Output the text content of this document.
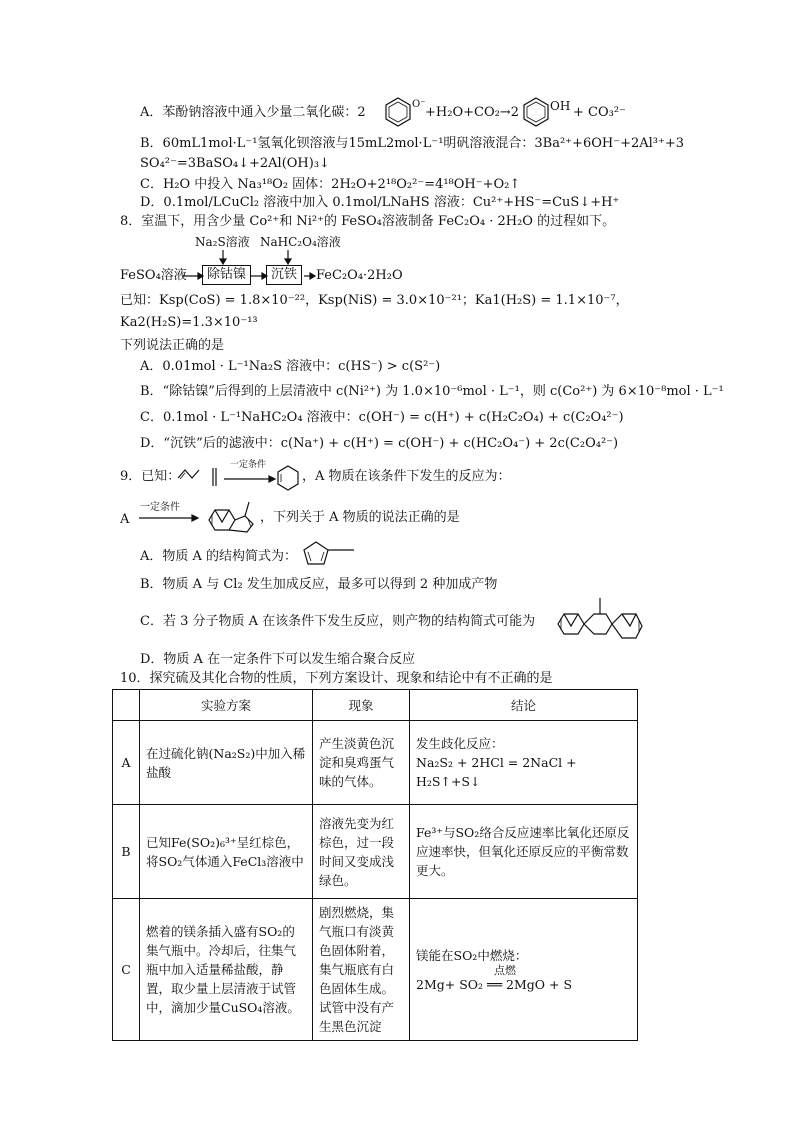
A．苯酚钠溶液中通入少量二氧化碳：2
O⁻
+H₂O+CO₂→2	OH + CO₃²⁻
B．60mL1mol·L⁻¹氢氧化钡溶液与15mL2mol·L⁻¹明矾溶液混合：3Ba²⁺+6OH⁻+2Al³⁺+3
SO₄²⁻=3BaSO₄↓+2Al(OH)₃↓
C．H₂O 中投入 Na₃¹⁸O₂ 固体：2H₂O+2¹⁸O₂²⁻=4¹⁸OH⁻+O₂↑
D．0.1mol/LCuCl₂ 溶液中加入 0.1mol/LNaHS 溶液：Cu²⁺+HS⁻=CuS↓+H⁺
8．室温下，用含少量 Co²⁺和 Ni²⁺的 FeSO₄溶液制备 FeC₂O₄ · 2H₂O 的过程如下。
Na₂S溶液 NaHC₂O₄溶液
FeSO₄溶液	除钴镍	沉铁	FeC₂O₄·2H₂O
已知：Ksp(CoS) = 1.8×10⁻²²，Ksp(NiS) = 3.0×10⁻²¹；Ka1(H₂S) = 1.1×10⁻⁷，
Ka2(H₂S)=1.3×10⁻¹³
下列说法正确的是
A．0.01mol · L⁻¹Na₂S 溶液中：c(HS⁻) > c(S²⁻)
B．“除钴镍”后得到的上层清液中 c(Ni²⁺) 为 1.0×10⁻⁶mol · L⁻¹，则 c(Co²⁺) 为 6×10⁻⁸mol · L⁻¹
C．0.1mol · L⁻¹NaHC₂O₄ 溶液中：c(OH⁻) = c(H⁺) + c(H₂C₂O₄) + c(C₂O₄²⁻)
D．“沉铁”后的滤液中：c(Na⁺) + c(H⁺) = c(OH⁻) + c(HC₂O₄⁻) + 2c(C₂O₄²⁻)
9．已知：
一定条件
，A 物质在该条件下发生的反应为：
A
一定条件
，下列关于 A 物质的说法正确的是
A．物质 A 的结构简式为：
B．物质 A 与 Cl₂ 发生加成反应，最多可以得到 2 种加成产物
C．若 3 分子物质 A 在该条件下发生反应，则产物的结构简式可能为
D．物质 A 在一定条件下可以发生缩合聚合反应
10．探究硫及其化合物的性质，下列方案设计、现象和结论中有不正确的是
	实验方案	现象	结论
A	在过硫化钠(Na₂S₂)中加入稀盐酸	产生淡黄色沉淀和臭鸡蛋气味的气体。	发生歧化反应：
Na₂S₂ + 2HCl = 2NaCl + H₂S↑+S↓

B	已知Fe(SO₂)₆³⁺呈红棕色，将SO₂气体通入FeCl₃溶液中	溶液先变为红棕色，过一段时间又变成浅绿色。	Fe³⁺与SO₂络合反应速率比氧化还原反应速率快，但氧化还原反应的平衡常数更大。
C	燃着的镁条插入盛有SO₂的集气瓶中。冷却后，往集气瓶中加入适量稀盐酸，静置，取少量上层清液于试管中，滴加少量CuSO₄溶液。	剧烈燃烧，集气瓶口有淡黄色固体附着，集气瓶底有白色固体生成。试管中没有产生黑色沉淀	镁能在SO₂中燃烧：
点燃
2Mg+ SO₂ ══ 2MgO + S
